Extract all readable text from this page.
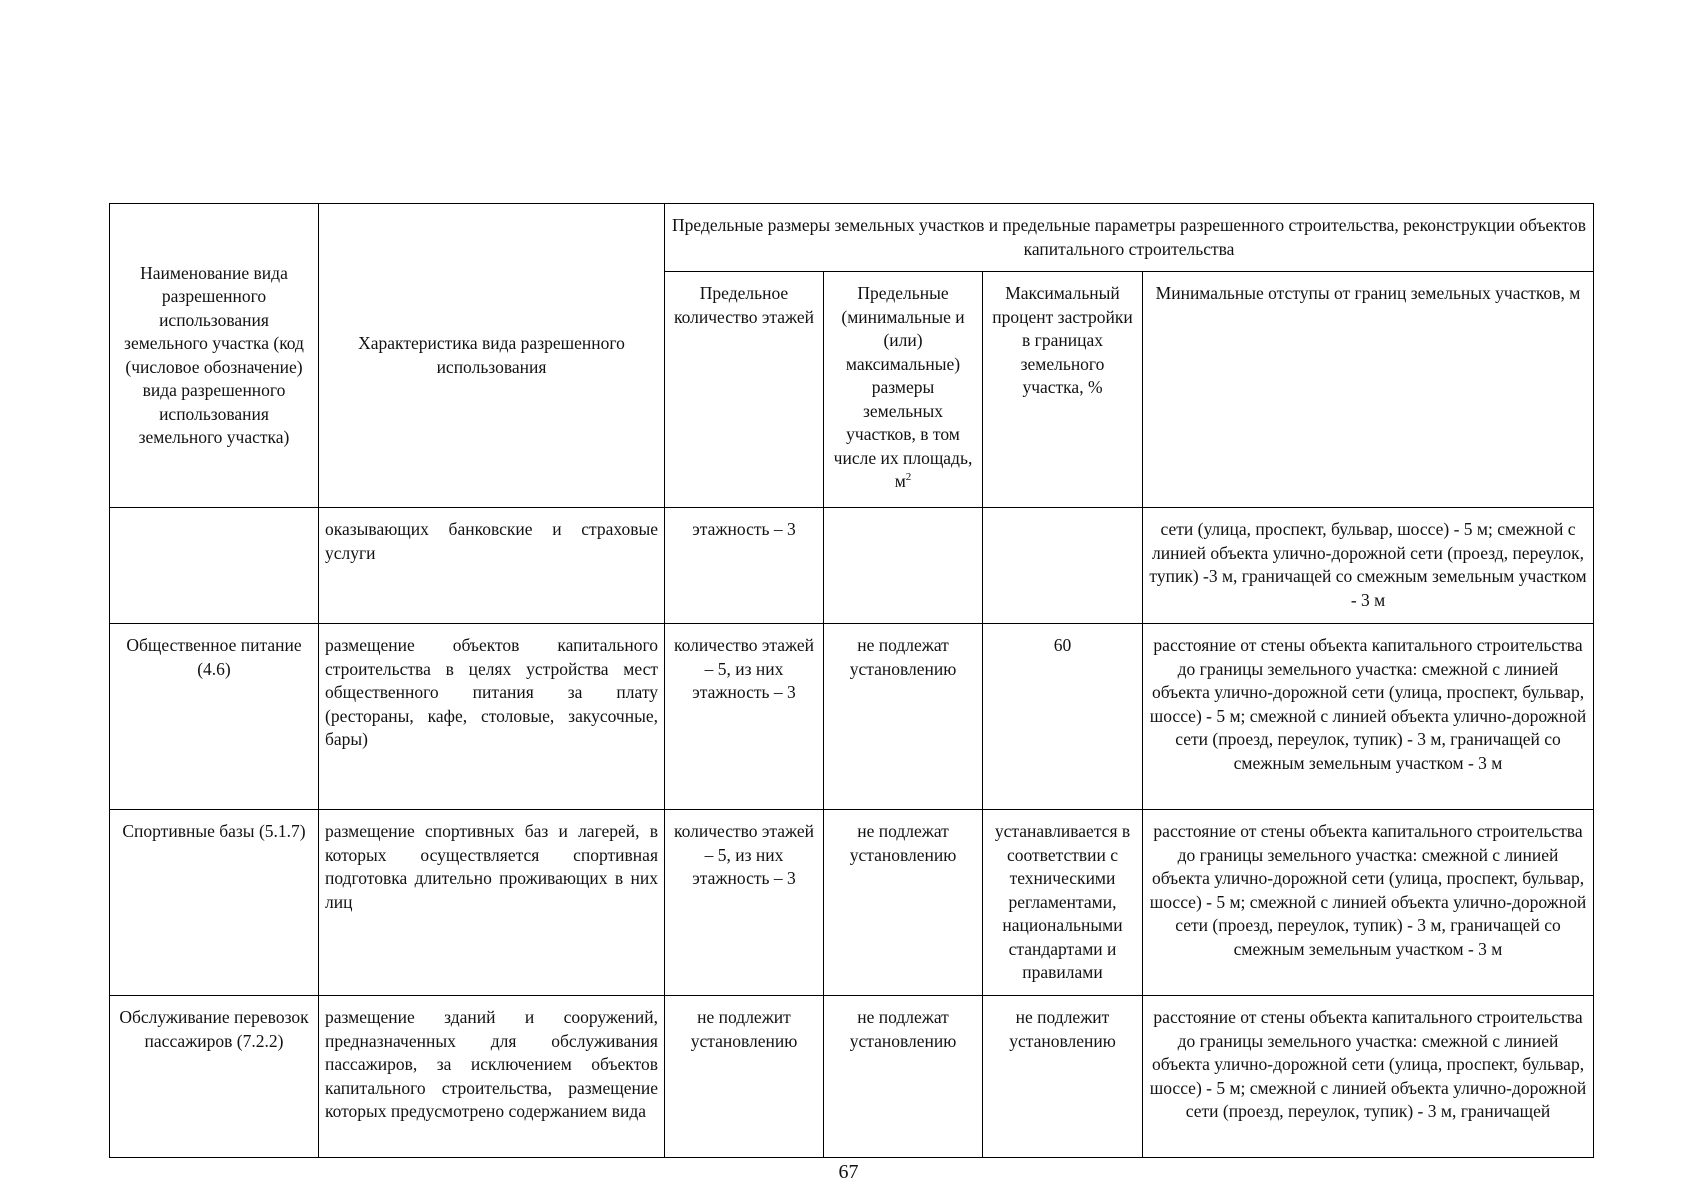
Наименование вида разрешенного использования земельного участка (код (числовое обозначение) вида разрешенного использования земельного участка)	Характеристика вида разрешенного использования	Предельные размеры земельных участков и предельные параметры разрешенного строительства, реконструкции объектов капитального строительства			
		Предельное количество этажей	Предельные (минимальные и (или) максимальные) размеры земельных участков, в том числе их площадь, $м^2$	Максимальный процент застройки в границах земельного участка, %	Минимальные отступы от границ земельных участков, м
	оказывающих банковские и страховые услуги	этажность – 3			сети (улица, проспект, бульвар, шоссе) - 5 м; смежной с линией объекта улично-дорожной сети (проезд, переулок, тупик) -3 м, граничащей со смежным земельным участком - 3 м
Общественное питание (4.6)	размещение объектов капитального строительства в целях устройства мест общественного питания за плату (рестораны, кафе, столовые, закусочные, бары)	количество этажей – 5, из них этажность – 3	не подлежат установлению	60	расстояние от стены объекта капитального строительства до границы земельного участка: смежной с линией объекта улично-дорожной сети (улица, проспект, бульвар, шоссе) - 5 м; смежной с линией объекта улично-дорожной сети (проезд, переулок, тупик) - 3 м, граничащей со смежным земельным участком - 3 м
Спортивные базы (5.1.7)	размещение спортивных баз и лагерей, в которых осуществляется спортивная подготовка длительно проживающих в них лиц	количество этажей – 5, из них этажность – 3	не подлежат установлению	устанавливается в соответствии с техническими регламентами, национальными стандартами и правилами	расстояние от стены объекта капитального строительства до границы земельного участка: смежной с линией объекта улично-дорожной сети (улица, проспект, бульвар, шоссе) - 5 м; смежной с линией объекта улично-дорожной сети (проезд, переулок, тупик) - 3 м, граничащей со смежным земельным участком - 3 м
Обслуживание перевозок пассажиров (7.2.2)	размещение зданий и сооружений, предназначенных для обслуживания пассажиров, за исключением объектов капитального строительства, размещение которых предусмотрено содержанием вида	не подлежит установлению	не подлежат установлению	не подлежит установлению	расстояние от стены объекта капитального строительства до границы земельного участка: смежной с линией объекта улично-дорожной сети (улица, проспект, бульвар, шоссе) - 5 м; смежной с линией объекта улично-дорожной сети (проезд, переулок, тупик) - 3 м, граничащей
67
